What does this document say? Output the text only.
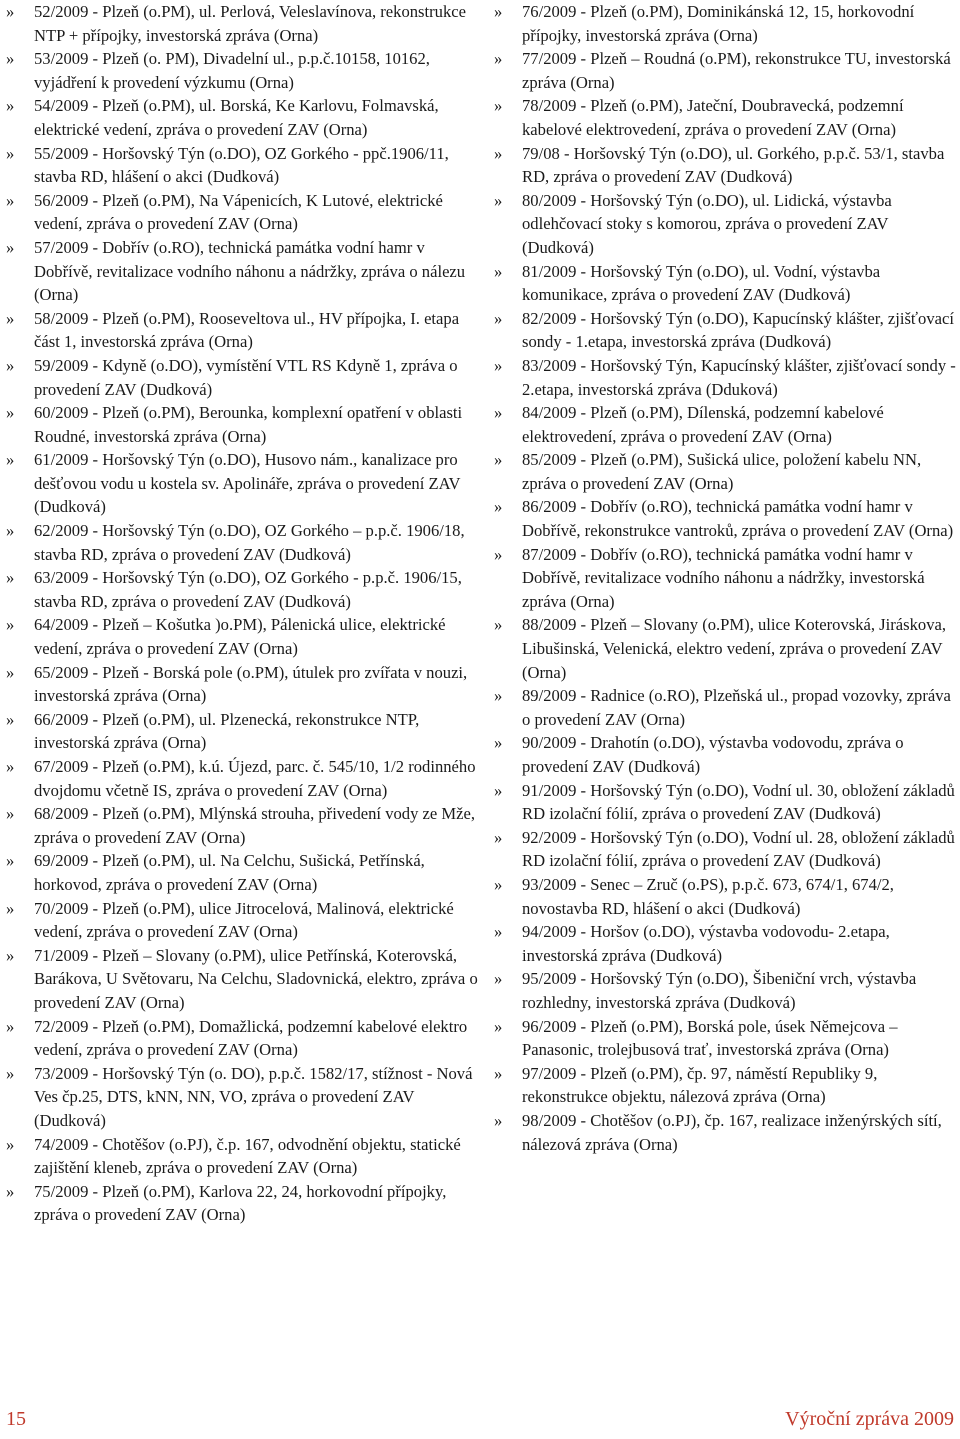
» 52/2009 - Plzeň (o.PM), ul. Perlová, Veleslavínova, rekonstrukce NTP + přípojky, investorská zpráva (Orna)
» 53/2009 - Plzeň (o. PM), Divadelní ul., p.p.č.10158, 10162, vyjádření k provedení výzkumu (Orna)
» 54/2009 - Plzeň (o.PM), ul. Borská, Ke Karlovu, Folmavská, elektrické vedení, zpráva o provedení ZAV (Orna)
» 55/2009 - Horšovský Týn (o.DO), OZ Gorkého - ppč.1906/11, stavba RD, hlášení o akci (Dudková)
» 56/2009 - Plzeň (o.PM), Na Vápenicích, K Lutové, elektrické vedení, zpráva o provedení ZAV (Orna)
» 57/2009 - Dobřív (o.RO), technická památka vodní hamr v Dobřívě, revitalizace vodního náhonu a nádržky, zpráva o nálezu (Orna)
» 58/2009 - Plzeň (o.PM), Rooseveltova ul., HV přípojka, I. etapa část 1, investorská zpráva (Orna)
» 59/2009 - Kdyně (o.DO), vymístění VTL RS Kdyně 1, zpráva o provedení ZAV (Dudková)
» 60/2009 - Plzeň (o.PM), Berounka, komplexní opatření v oblasti Roudné, investorská zpráva (Orna)
» 61/2009 - Horšovský Týn (o.DO), Husovo nám., kanalizace pro dešťovou vodu u kostela sv. Apolináře, zpráva o provedení ZAV (Dudková)
» 62/2009 - Horšovský Týn (o.DO), OZ Gorkého – p.p.č. 1906/18, stavba RD, zpráva o provedení ZAV (Dudková)
» 63/2009 - Horšovský Týn (o.DO), OZ Gorkého - p.p.č. 1906/15, stavba RD, zpráva o provedení ZAV (Dudková)
» 64/2009 - Plzeň – Košutka )o.PM), Pálenická ulice, elektrické vedení, zpráva o provedení ZAV (Orna)
» 65/2009 - Plzeň - Borská pole (o.PM), útulek pro zvířata v nouzi, investorská zpráva (Orna)
» 66/2009 - Plzeň (o.PM), ul. Plzenecká, rekonstrukce NTP, investorská zpráva (Orna)
» 67/2009 - Plzeň (o.PM), k.ú. Újezd, parc. č. 545/10, 1/2 rodinného dvojdomu včetně IS, zpráva o provedení ZAV (Orna)
» 68/2009 - Plzeň (o.PM), Mlýnská strouha, přivedení vody ze Mže, zpráva o provedení ZAV (Orna)
» 69/2009 - Plzeň (o.PM), ul. Na Celchu, Sušická, Petřínská, horkovod, zpráva o provedení ZAV (Orna)
» 70/2009 - Plzeň (o.PM), ulice Jitrocelová, Malinová, elektrické vedení, zpráva o provedení ZAV (Orna)
» 71/2009 - Plzeň – Slovany (o.PM), ulice Petřínská, Koterovská, Barákova, U Světovaru, Na Celchu, Sladovnická, elektro, zpráva o provedení ZAV (Orna)
» 72/2009 - Plzeň (o.PM), Domažlická, podzemní kabelové elektro vedení, zpráva o provedení ZAV (Orna)
» 73/2009 - Horšovský Týn (o. DO), p.p.č. 1582/17, stížnost - Nová Ves čp.25, DTS, kNN, NN, VO, zpráva o provedení ZAV (Dudková)
» 74/2009 - Chotěšov (o.PJ), č.p. 167, odvodnění objektu, statické zajištění kleneb, zpráva o provedení ZAV (Orna)
» 75/2009 - Plzeň (o.PM), Karlova 22, 24, horkovodní přípojky, zpráva o provedení ZAV (Orna)
» 76/2009 - Plzeň (o.PM), Dominikánská 12, 15, horkovodní přípojky, investorská zpráva (Orna)
» 77/2009 - Plzeň – Roudná (o.PM), rekonstrukce TU, investorská zpráva (Orna)
» 78/2009 - Plzeň (o.PM), Jateční, Doubravecká, podzemní kabelové elektrovedení, zpráva o provedení ZAV (Orna)
» 79/08 - Horšovský Týn (o.DO), ul. Gorkého, p.p.č. 53/1, stavba RD, zpráva o provedení ZAV (Dudková)
» 80/2009 - Horšovský Týn (o.DO), ul. Lidická, výstavba odlehčovací stoky s komorou, zpráva o provedení ZAV (Dudková)
» 81/2009 - Horšovský Týn (o.DO), ul. Vodní, výstavba komunikace, zpráva o provedení ZAV (Dudková)
» 82/2009 - Horšovský Týn (o.DO), Kapucínský klášter, zjišťovací sondy - 1.etapa, investorská zpráva (Dudková)
» 83/2009 - Horšovský Týn, Kapucínský klášter, zjišťovací sondy - 2.etapa, investorská zpráva (Dduková)
» 84/2009 - Plzeň (o.PM), Dílenská, podzemní kabelové elektrovedení, zpráva o provedení ZAV (Orna)
» 85/2009 - Plzeň (o.PM), Sušická ulice, položení kabelu NN, zpráva o provedení ZAV (Orna)
» 86/2009 - Dobřív (o.RO), technická památka vodní hamr v Dobřívě, rekonstrukce vantroků, zpráva o provedení ZAV (Orna)
» 87/2009 - Dobřív (o.RO), technická památka vodní hamr v Dobřívě, revitalizace vodního náhonu a nádržky, investorská zpráva (Orna)
» 88/2009 - Plzeň – Slovany (o.PM), ulice Koterovská, Jiráskova, Libušinská, Velenická, elektro vedení, zpráva o provedení ZAV (Orna)
» 89/2009 - Radnice (o.RO), Plzeňská ul., propad vozovky, zpráva o provedení ZAV (Orna)
» 90/2009 - Drahotín (o.DO), výstavba vodovodu, zpráva o provedení ZAV (Dudková)
» 91/2009 - Horšovský Týn (o.DO), Vodní ul. 30, obložení základů RD izolační fólií, zpráva o provedení ZAV (Dudková)
» 92/2009 - Horšovský Týn (o.DO), Vodní ul. 28, obložení základů RD izolační fólií, zpráva o provedení ZAV (Dudková)
» 93/2009 - Senec – Zruč (o.PS), p.p.č. 673, 674/1, 674/2, novostavba RD, hlášení o akci (Dudková)
» 94/2009 - Horšov (o.DO), výstavba vodovodu- 2.etapa, investorská zpráva (Dudková)
» 95/2009 - Horšovský Týn (o.DO), Šibeniční vrch, výstavba rozhledny, investorská zpráva (Dudková)
» 96/2009 - Plzeň (o.PM), Borská pole, úsek Němejcova – Panasonic, trolejbusová trať, investorská zpráva (Orna)
» 97/2009 - Plzeň (o.PM), čp. 97, náměstí Republiky 9, rekonstrukce objektu, nálezová zpráva (Orna)
» 98/2009 - Chotěšov (o.PJ), čp. 167, realizace inženýrských sítí, nálezová zpráva (Orna)
15	Výroční zpráva 2009
